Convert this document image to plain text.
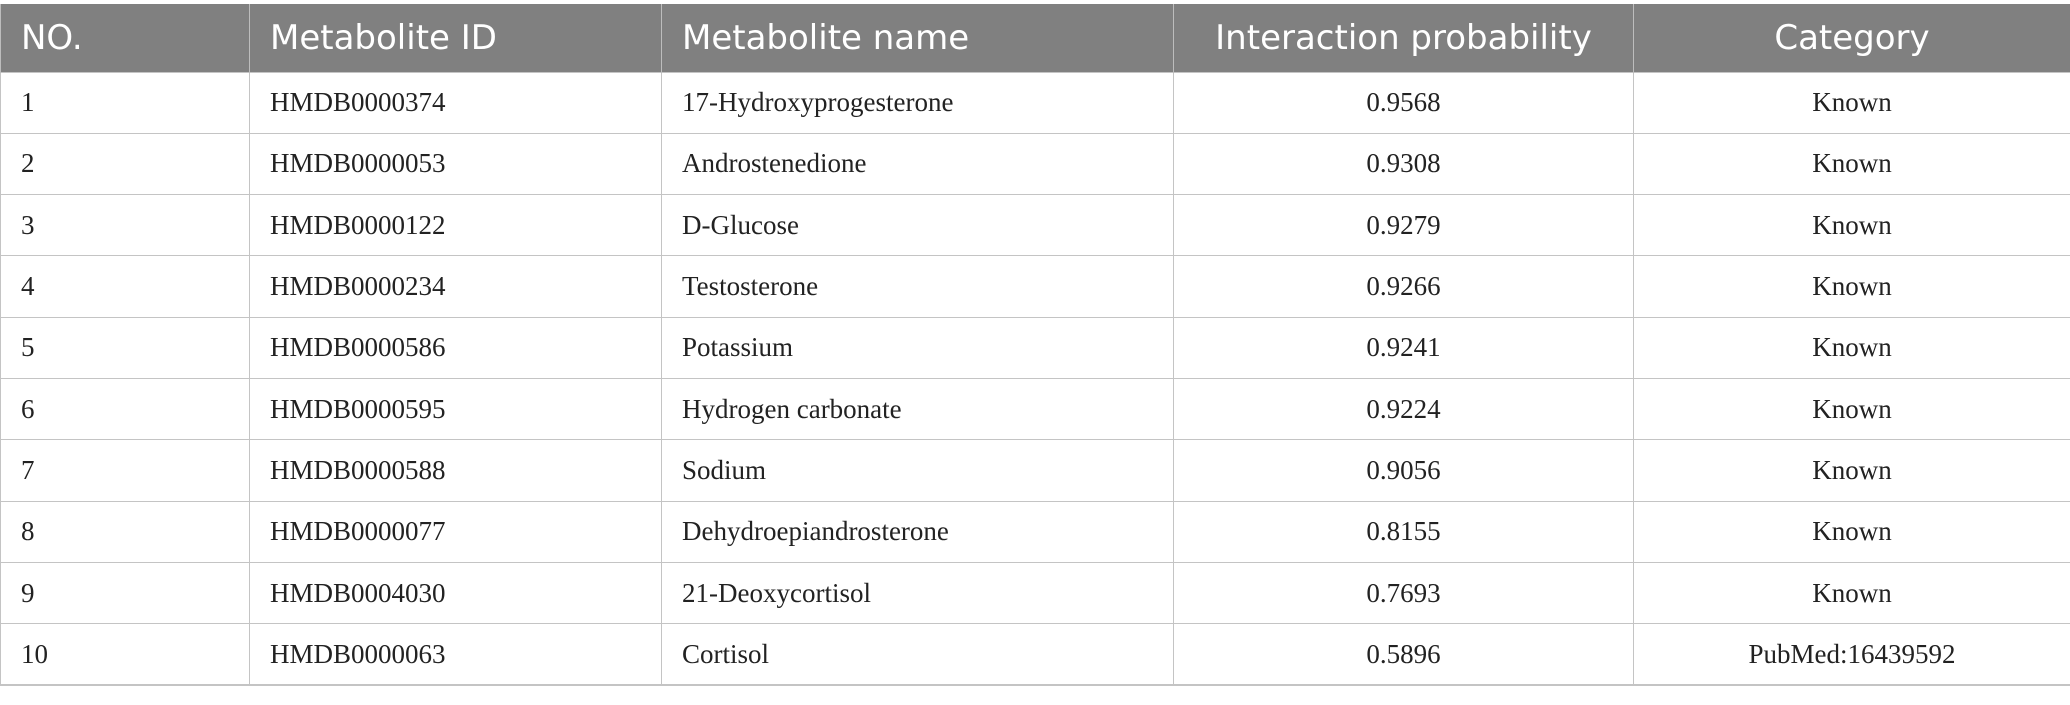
NO.	Metabolite ID	Metabolite name	Interaction probability	Category
1	HMDB0000374	17-Hydroxyprogesterone	0.9568	Known
2	HMDB0000053	Androstenedione	0.9308	Known
3	HMDB0000122	D-Glucose	0.9279	Known
4	HMDB0000234	Testosterone	0.9266	Known
5	HMDB0000586	Potassium	0.9241	Known
6	HMDB0000595	Hydrogen carbonate	0.9224	Known
7	HMDB0000588	Sodium	0.9056	Known
8	HMDB0000077	Dehydroepiandrosterone	0.8155	Known
9	HMDB0004030	21-Deoxycortisol	0.7693	Known
10	HMDB0000063	Cortisol	0.5896	PubMed:16439592
